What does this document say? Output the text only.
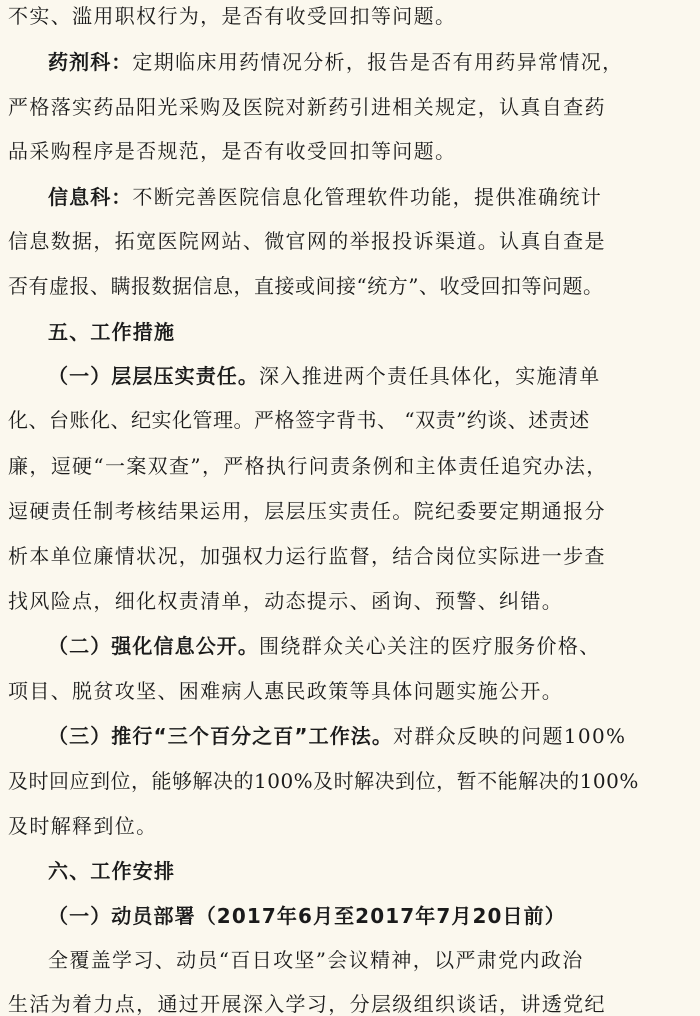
不实、滥用职权行为，是否有收受回扣等问题。
药剂科：定期临床用药情况分析，报告是否有用药异常情况，
严格落实药品阳光采购及医院对新药引进相关规定，认真自查药
品采购程序是否规范，是否有收受回扣等问题。
信息科：不断完善医院信息化管理软件功能，提供准确统计
信息数据，拓宽医院网站、微官网的举报投诉渠道。认真自查是
否有虚报、瞒报数据信息，直接或间接“统方”、收受回扣等问题。
五、工作措施
（一）层层压实责任。深入推进两个责任具体化，实施清单
化、台账化、纪实化管理。严格签字背书、 “双责”约谈、述责述
廉，逗硬“一案双查”，严格执行问责条例和主体责任追究办法，
逗硬责任制考核结果运用，层层压实责任。院纪委要定期通报分
析本单位廉情状况，加强权力运行监督，结合岗位实际进一步查
找风险点，细化权责清单，动态提示、函询、预警、纠错。
（二）强化信息公开。围绕群众关心关注的医疗服务价格、
项目、脱贫攻坚、困难病人惠民政策等具体问题实施公开。
（三）推行“三个百分之百”工作法。对群众反映的问题100%
及时回应到位，能够解决的100%及时解决到位，暂不能解决的100%
及时解释到位。
六、工作安排
（一）动员部署（2017年6月至2017年7月20日前）
全覆盖学习、动员“百日攻坚”会议精神，以严肃党内政治
生活为着力点，通过开展深入学习，分层级组织谈话，讲透党纪
